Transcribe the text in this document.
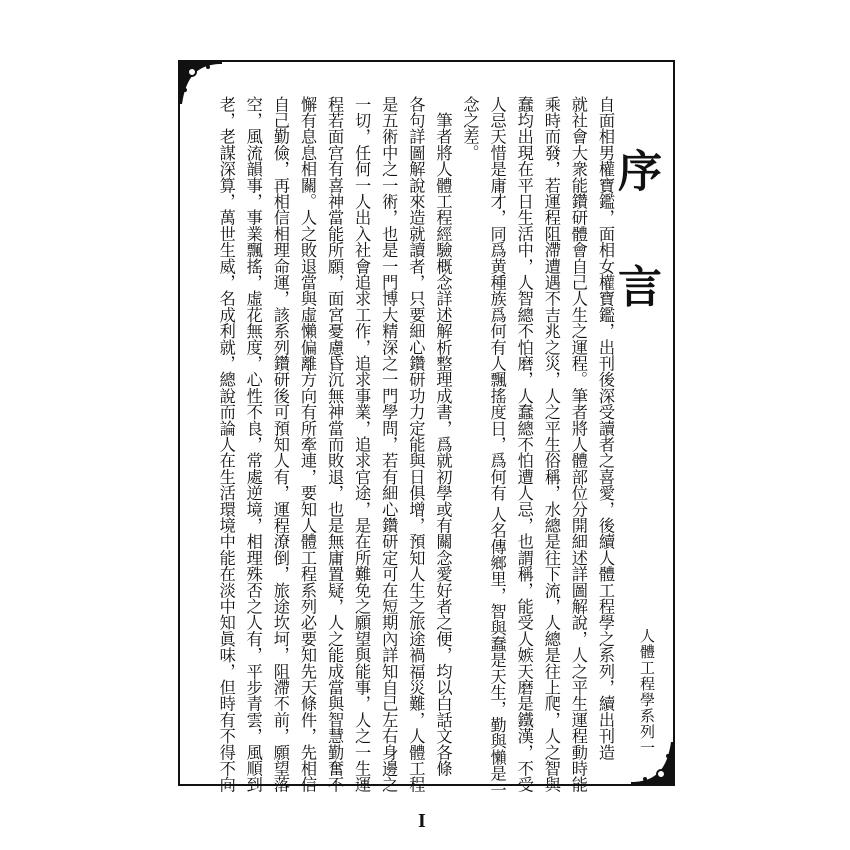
序 言
人體工程學系列一
自面相男權寶鑑，面相女權寶鑑，出刊後深受讀者之喜愛，後續人體工程學之系列，續出刊造
就社會大衆能鑽研體會自己人生之運程。筆者將人體部位分開細述詳圖解說，人之平生運程動時能
乘時而發，若運程阻滯遭遇不吉兆之災，人之平生俗稱，水總是往下流，人總是往上爬，人之智與
蠢均出現在平日生活中，人智總不怕磨，人蠢總不怕遭人忌，也謂稱，能受人嫉天磨是鐵漢，不受
人忌天惜是庸才，同爲黄種族爲何有人飄搖度日，爲何有 人名傳鄉里，智與蠢是天生，勤與懶是一
念之差。
　筆者將人體工程經驗概念詳述解析整理成書，爲就初學或有關念愛好者之便，均以白話文各條
各句詳圖解說來造就讀者，只要細心鑽研功力定能與日俱增，預知人生之旅途禍福災難，人體工程
是五術中之一術，也是一門博大精深之一門學問，若有細心鑽研定可在短期內詳知自己左右身邊之
一切，任何一人出入社會追求工作，追求事業，追求官途，是在所難免之願望與能事，人之一生運
程若面宫有喜神當能所願，面宮憂慮昏沉無神當而敗退，也是無庸置疑，人之能成當與智慧勤奮不
懈有息息相關。人之敗退當與虛懶偏離方向有所牽連，要知人體工程系列必要知先天條件，先相信
自己勤儉，再相信相理命運，該系列鑽研後可預知人有，運程潦倒，旅途坎坷，阻滯不前，願望落
空，風流韻事，事業飄搖，虛花無度，心性不良，常處逆境，相理殊否之人有，平步青雲，風順到
老，老謀深算，萬世生威，名成利就，總說而論人在生活環境中能在淡中知眞味，但時有不得不向
I
